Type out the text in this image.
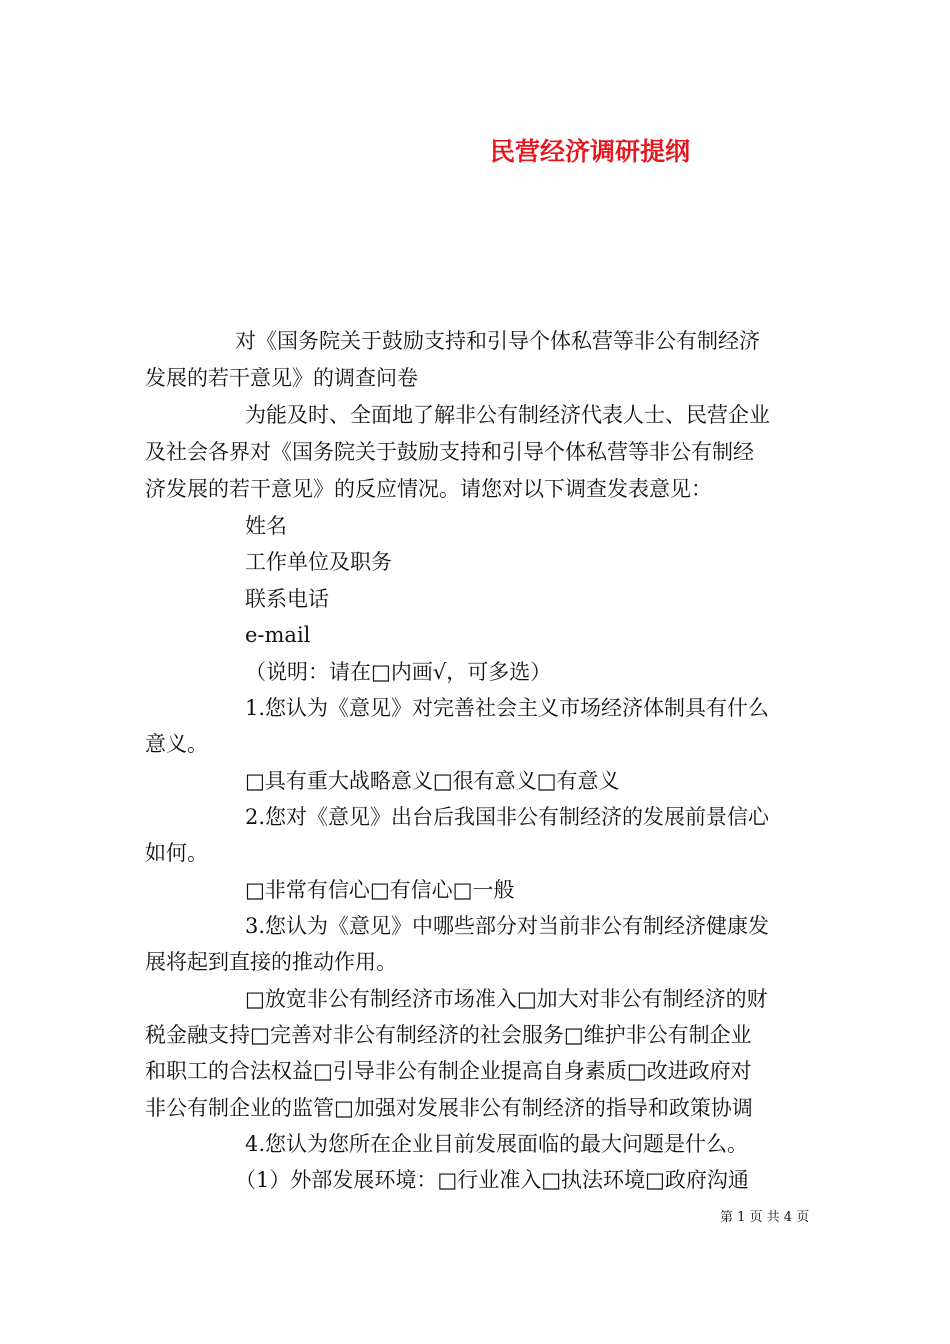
民营经济调研提纲
对《国务院关于鼓励支持和引导个体私营等非公有制经济
发展的若干意见》的调查问卷
为能及时、全面地了解非公有制经济代表人士、民营企业
及社会各界对《国务院关于鼓励支持和引导个体私营等非公有制经
济发展的若干意见》的反应情况。请您对以下调查发表意见：
姓名
工作单位及职务
联系电话
e-mail
（说明：请在□内画√，可多选）
1.您认为《意见》对完善社会主义市场经济体制具有什么
意义。
□具有重大战略意义□很有意义□有意义
2.您对《意见》出台后我国非公有制经济的发展前景信心
如何。
□非常有信心□有信心□一般
3.您认为《意见》中哪些部分对当前非公有制经济健康发
展将起到直接的推动作用。
□放宽非公有制经济市场准入□加大对非公有制经济的财
税金融支持□完善对非公有制经济的社会服务□维护非公有制企业
和职工的合法权益□引导非公有制企业提高自身素质□改进政府对
非公有制企业的监管□加强对发展非公有制经济的指导和政策协调
4.您认为您所在企业目前发展面临的最大问题是什么。
（1）外部发展环境：□行业准入□执法环境□政府沟通
第 1 页 共 4 页
